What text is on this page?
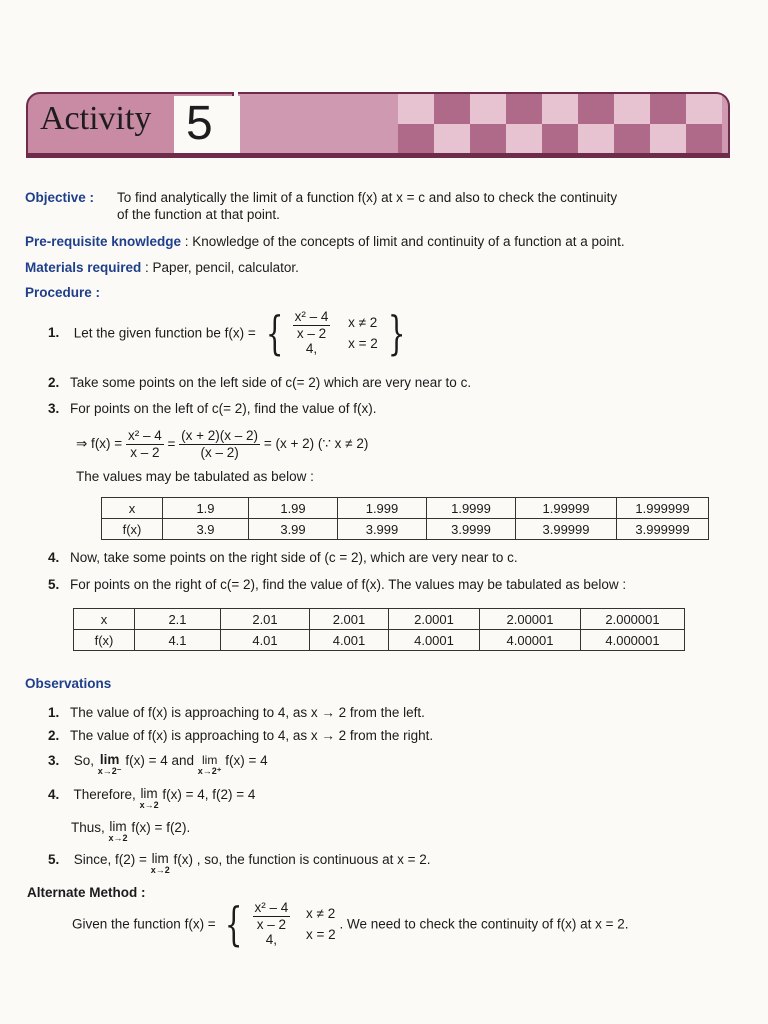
Activity 5
Objective : To find analytically the limit of a function f(x) at x = c and also to check the continuity
of the function at that point.
Pre-requisite knowledge : Knowledge of the concepts of limit and continuity of a function at a point.
Materials required : Paper, pencil, calculator.
Procedure :
1. Let the given function be f(x) = { $\frac{\text{x² – 4}}{x - 2}$
4,

x ≠ 2
x = 2 }
2. Take some points on the left side of c(= 2) which are very near to c.
3. For points on the left of c(= 2), find the value of f(x).
⇒ $f(x) = \frac{\text{x² – 4}}{x - 2} = \frac{(x + 2)(x - 2)}{(x - 2)} = (x + 2)$ (∵ x ≠ 2)
The values may be tabulated as below :
x	1.9	1.99	1.999	1.9999	1.99999	1.999999
f(x)	3.9	3.99	3.999	3.9999	3.99999	3.999999
4. Now, take some points on the right side of (c = 2), which are very near to c.
5. For points on the right of c(= 2), find the value of f(x). The values may be tabulated as below :
x	2.1	2.01	2.001	2.0001	2.00001	2.000001
f(x)	4.1	4.01	4.001	4.0001	4.00001	4.000001
Observations
1. The value of f(x) is approaching to 4, as x → 2 from the left.
2. The value of f(x) is approaching to 4, as x → 2 from the right.
3. So, lim
x→2⁻
f(x) = 4 and lim
x→2⁺
f(x) = 4
4. Therefore, lim
x→2
f(x) = 4, f(2) = 4
Thus, lim
x→2
f(x) = f(2).
5. Since, f(2) = lim
x→2
f(x) , so, the function is continuous at x = 2.
Alternate Method :
Given the function f(x) = { $\frac{\text{x² – 4}}{x - 2}$
4,

x ≠ 2
x = 2
. We need to check the continuity of f(x) at x = 2.
